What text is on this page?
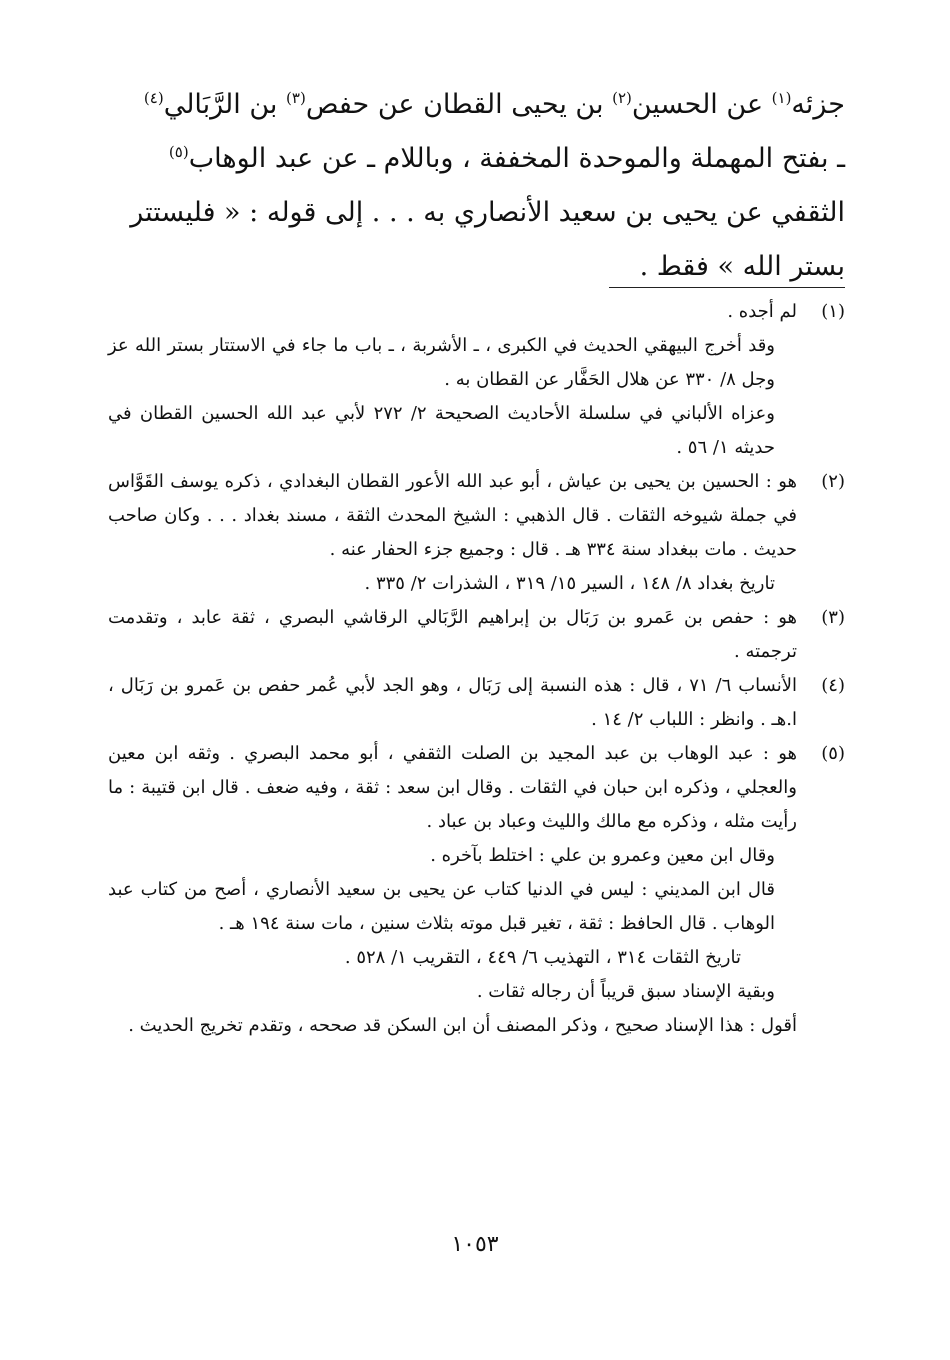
جزئه$^{(١)}$ عن الحسين$^{(٢)}$ بن يحيى القطان عن حفص$^{(٣)}$ بن الرَّبَالي$^{(٤)}$
ـ بفتح المهملة والموحدة المخففة ، وباللام ـ عن عبد الوهاب$^{(٥)}$
الثقفي عن يحيى بن سعيد الأنصاري به . . . إلى قوله : « فليستتر
بستر الله » فقط .
(١)

لم أجده .

وقد أخرج البيهقي الحديث في الكبرى ، ـ الأشربة ، ـ باب ما جاء في الاستتار بستر الله عز وجل ٨/ ٣٣٠ عن هلال الحَفَّار عن القطان به .

وعزاه الألباني في سلسلة الأحاديث الصحيحة ٢/ ٢٧٢ لأبي عبد الله الحسين القطان في حديثه ١/ ٥٦ .

(٢)

هو : الحسين بن يحيى بن عياش ، أبو عبد الله الأعور القطان البغدادي ، ذكره يوسف القَوَّاس في جملة شيوخه الثقات . قال الذهبي : الشيخ المحدث الثقة ، مسند بغداد . . . وكان صاحب حديث . مات ببغداد سنة ٣٣٤ هـ . قال : وجميع جزء الحفار عنه .

تاريخ بغداد ٨/ ١٤٨ ، السير ١٥/ ٣١٩ ، الشذرات ٢/ ٣٣٥ .

(٣)

هو : حفص بن عَمرو بن رَبَال بن إبراهيم الرَّبَالي الرقاشي البصري ، ثقة عابد ، وتقدمت ترجمته .

(٤)

الأنساب ٦/ ٧١ ، قال : هذه النسبة إلى رَبَال ، وهو الجد لأبي عُمر حفص بن عَمرو بن رَبَال ، ا.هـ . وانظر : اللباب ٢/ ١٤ .

(٥)

هو : عبد الوهاب بن عبد المجيد بن الصلت الثقفي ، أبو محمد البصري . وثقه ابن معين والعجلي ، وذكره ابن حبان في الثقات . وقال ابن سعد : ثقة ، وفيه ضعف . قال ابن قتيبة : ما رأيت مثله ، وذكره مع مالك والليث وعباد بن عباد .

وقال ابن معين وعمرو بن علي : اختلط بآخره .

قال ابن المديني : ليس في الدنيا كتاب عن يحيى بن سعيد الأنصاري ، أصح من كتاب عبد الوهاب . قال الحافظ : ثقة ، تغير قبل موته بثلاث سنين ، مات سنة ١٩٤ هـ .

تاريخ الثقات ٣١٤ ، التهذيب ٦/ ٤٤٩ ، التقريب ١/ ٥٢٨ .

وبقية الإسناد سبق قريباً أن رجاله ثقات .

أقول : هذا الإسناد صحيح ، وذكر المصنف أن ابن السكن قد صححه ، وتقدم تخريج الحديث .

١٠٥٣
